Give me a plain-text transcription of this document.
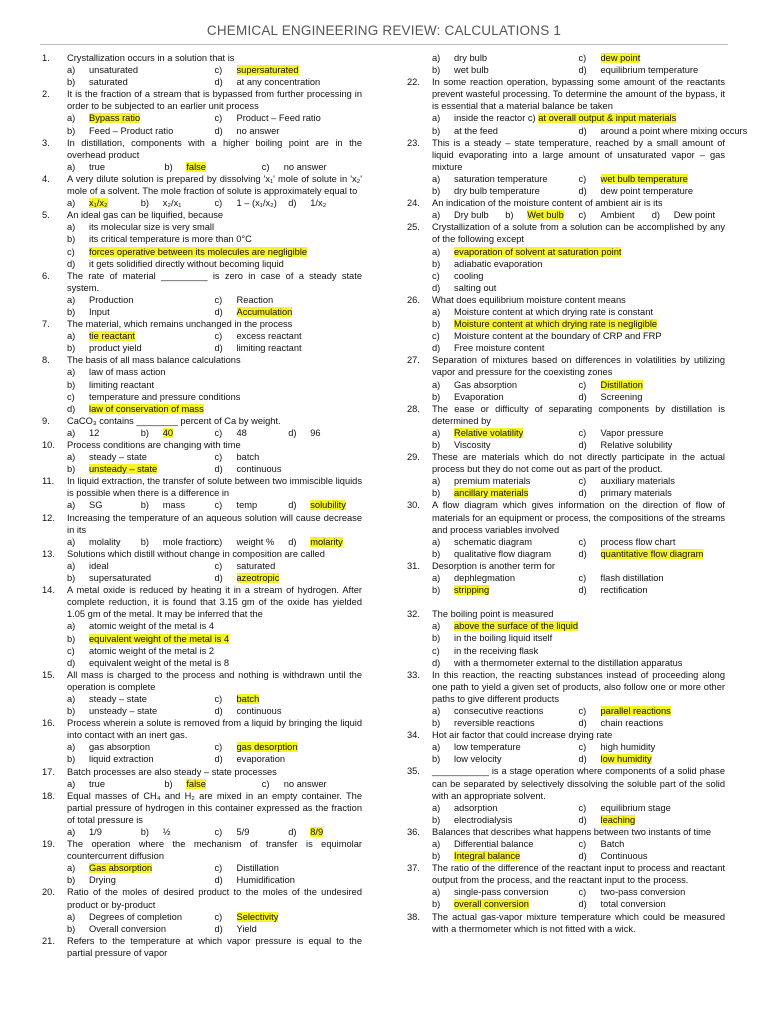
CHEMICAL ENGINEERING REVIEW: CALCULATIONS 1
1.	Crystallization occurs in a solution that is
a) unsaturated	c) supersaturated
b) saturated	d) at any concentration
2.	It is the fraction of a stream that is bypassed from further processing in order to be subjected to an earlier unit process
a) Bypass ratio	c) Product – Feed ratio
b) Feed – Product ratio	d) no answer
3.	In distillation, components with a higher boiling point are in the overhead product
a) true	b) false	c) no answer
4.	A very dilute solution is prepared by dissolving 'x₁' mole of solute in 'x₂' mole of a solvent. The mole fraction of solute is approximately equal to
a) x₁/x₂	b) x₂/x₁	c) 1 – (x₁/x₂)	d) 1/x₂
5.	An ideal gas can be liquified, because
a) its molecular size is very small
b) its critical temperature is more than 0°C
c) forces operative between its molecules are negligible
d) it gets solidified directly without becoming liquid
6.	The rate of material _________ is zero in case of a steady state system.
a) Production	c) Reaction
b) Input	d) Accumulation
7.	The material, which remains unchanged in the process
a) tie reactant	c) excess reactant
b) product yield	d) limiting reactant
8.	The basis of all mass balance calculations
a) law of mass action
b) limiting reactant
c) temperature and pressure conditions
d) law of conservation of mass
9.	CaCO₃ contains ________ percent of Ca by weight.
a) 12	b) 40	c) 48	d) 96
10.	Process conditions are changing with time
a) steady – state	c) batch
b) unsteady – state	d) continuous
11.	In liquid extraction, the transfer of solute between two immiscible liquids is possible when there is a difference in
a) SG	b) mass	c) temp	d) solubility
12.	Increasing the temperature of an aqueous solution will cause decrease in its
a) molality	b) mole fraction
c) weight %	d) molarity
13.	Solutions which distill without change in composition are called
a) ideal	c) saturated
b) supersaturated	d) azeotropic
14.	A metal oxide is reduced by heating it in a stream of hydrogen. After complete reduction, it is found that 3.15 gm of the oxide has yielded 1.05 gm of the metal. It may be inferred that the
a) atomic weight of the metal is 4
b) equivalent weight of the metal is 4
c) atomic weight of the metal is 2
d) equivalent weight of the metal is 8
15.	All mass is charged to the process and nothing is withdrawn until the operation is complete
a) steady – state	c) batch
b) unsteady – state	d) continuous
16.	Process wherein a solute is removed from a liquid by bringing the liquid into contact with an inert gas.
a) gas absorption	c) gas desorption
b) liquid extraction	d) evaporation
17.	Batch processes are also steady – state processes
a) true	b) false	c) no answer
18.	Equal masses of CH₄ and H₂ are mixed in an empty container. The partial pressure of hydrogen in this container expressed as the fraction of total pressure is
a) 1/9	b) ½	c) 5/9	d) 8/9
19.	The operation where the mechanism of transfer is equimolar countercurrent diffusion
a) Gas absorption	c) Distillation
b) Drying	d) Humidification
20.	Ratio of the moles of desired product to the moles of the undesired product or by-product
a) Degrees of completion	c) Selectivity
b) Overall conversion	d) Yield
21.	Refers to the temperature at which vapor pressure is equal to the partial pressure of vapor
a) dry bulb	c) dew point
b) wet bulb	d) equilibrium temperature
22.	In some reaction operation, bypassing some amount of the reactants prevent wasteful processing. To determine the amount of the bypass, it is essential that a material balance be taken
a) inside the reactor c) at overall output & input materials
b) at the feed	d) around a point where mixing occurs
23.	This is a steady – state temperature, reached by a small amount of liquid evaporating into a large amount of unsaturated vapor – gas mixture
a) saturation temperature	c) wet bulb temperature
b) dry bulb temperature	d) dew point temperature
24.	An indication of the moisture content of ambient air is its
a) Dry bulb	b) Wet bulb	c) Ambient	d) Dew point
25.	Crystallization of a solute from a solution can be accomplished by any of the following except
a) evaporation of solvent at saturation point
b) adiabatic evaporation
c) cooling
d) salting out
26.	What does equilibrium moisture content means
a) Moisture content at which drying rate is constant
b) Moisture content at which drying rate is negligible
c) Moisture content at the boundary of CRP and FRP
d) Free moisture content
27.	Separation of mixtures based on differences in volatilities by utilizing vapor and pressure for the coexisting zones
a) Gas absorption	c) Distillation
b) Evaporation	d) Screening
28.	The ease or difficulty of separating components by distillation is determined by
a) Relative volatility	c) Vapor pressure
b) Viscosity	d) Relative solubility
29.	These are materials which do not directly participate in the actual process but they do not come out as part of the product.
a) premium materials	c) auxiliary materials
b) ancillary materials	d) primary materials
30.	A flow diagram which gives information on the direction of flow of materials for an equipment or process, the compositions of the streams and process variables involved
a) schematic diagram	c) process flow chart
b) qualitative flow diagram	d) quantitative flow diagram
31.	Desorption is another term for
a) dephlegmation	c) flash distillation
b) stripping	d) rectification
32.	The boiling point is measured
a) above the surface of the liquid
b) in the boiling liquid itself
c) in the receiving flask
d) with a thermometer external to the distillation apparatus
33.	In this reaction, the reacting substances instead of proceeding along one path to yield a given set of products, also follow one or more other paths to give different products
a) consecutive reactions	c) parallel reactions
b) reversible reactions	d) chain reactions
34.	Hot air factor that could increase drying rate
a) low temperature	c) high humidity
b) low velocity	d) low humidity
35.	___________ is a stage operation where components of a solid phase can be separated by selectively dissolving the soluble part of the solid with an appropriate solvent.
a) adsorption	c) equilibrium stage
b) electrodialysis	d) leaching
36.	Balances that describes what happens between two instants of time
a) Differential balance	c) Batch
b) Integral balance	d) Continuous
37.	The ratio of the difference of the reactant input to process and reactant output from the process, and the reactant input to the process.
a) single-pass conversion	c) two-pass conversion
b) overall conversion	d) total conversion
38.	The actual gas-vapor mixture temperature which could be measured with a thermometer which is not fitted with a wick.
